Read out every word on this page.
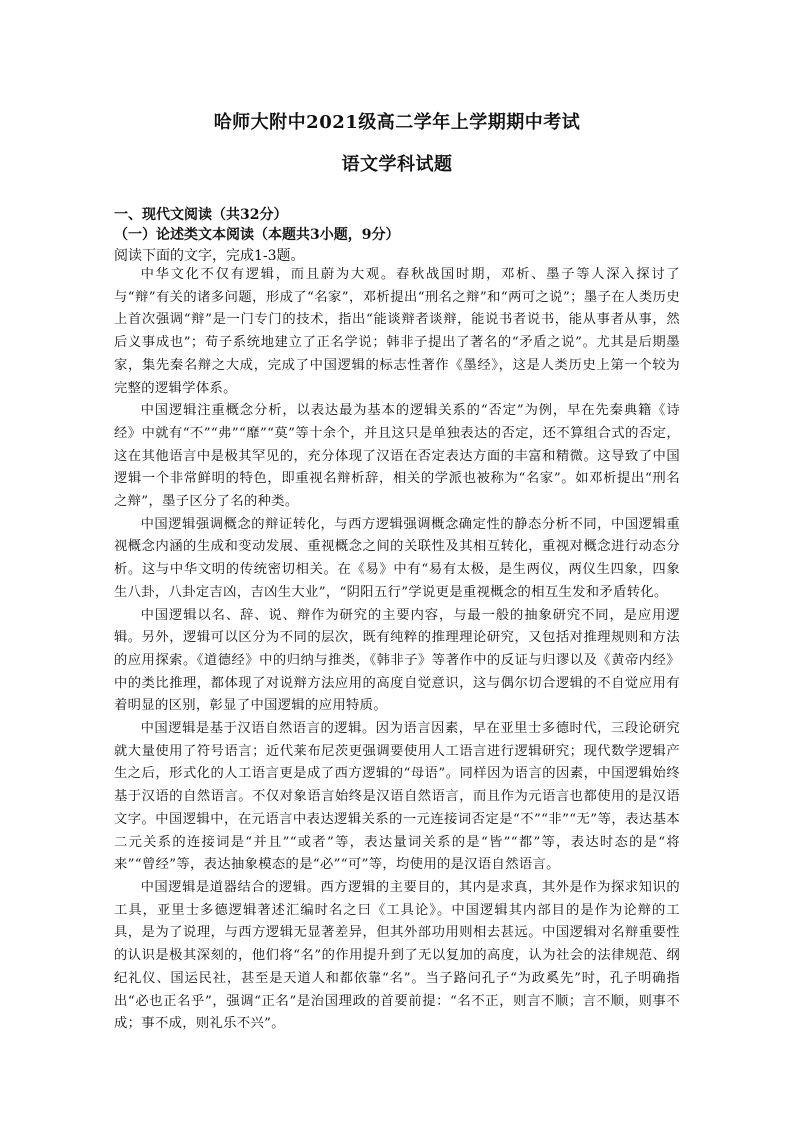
哈师大附中2021级高二学年上学期期中考试
语文学科试题
一、现代文阅读（共32分）
（一）论述类文本阅读（本题共3小题，9分）
阅读下面的文字，完成1-3题。

中华文化不仅有逻辑，而且蔚为大观。春秋战国时期，邓析、墨子等人深入探讨了与“辩”有关的诸多问题，形成了“名家”，邓析提出“刑名之辩”和“两可之说”；墨子在人类历史上首次强调“辩”是一门专门的技术，指出“能谈辩者谈辩，能说书者说书，能从事者从事，然后义事成也”；荀子系统地建立了正名学说；韩非子提出了著名的“矛盾之说”。尤其是后期墨家，集先秦名辩之大成，完成了中国逻辑的标志性著作《墨经》，这是人类历史上第一个较为完整的逻辑学体系。

中国逻辑注重概念分析，以表达最为基本的逻辑关系的“否定”为例，早在先秦典籍《诗经》中就有“不”“弗”“靡”“莫”等十余个，并且这只是单独表达的否定，还不算组合式的否定，这在其他语言中是极其罕见的，充分体现了汉语在否定表达方面的丰富和精微。这导致了中国逻辑一个非常鲜明的特色，即重视名辩析辞，相关的学派也被称为“名家”。如邓析提出“刑名之辩”，墨子区分了名的种类。

中国逻辑强调概念的辩证转化，与西方逻辑强调概念确定性的静态分析不同，中国逻辑重视概念内涵的生成和变动发展、重视概念之间的关联性及其相互转化，重视对概念进行动态分析。这与中华文明的传统密切相关。在《易》中有“易有太极，是生两仪，两仪生四象，四象生八卦，八卦定吉凶，吉凶生大业”，“阴阳五行”学说更是重视概念的相互生发和矛盾转化。

中国逻辑以名、辞、说、辩作为研究的主要内容，与最一般的抽象研究不同，是应用逻辑。另外，逻辑可以区分为不同的层次，既有纯粹的推理理论研究，又包括对推理规则和方法的应用探索。《道德经》中的归纳与推类，《韩非子》等著作中的反证与归谬以及《黄帝内经》中的类比推理，都体现了对说辩方法应用的高度自觉意识，这与偶尔切合逻辑的不自觉应用有着明显的区别，彰显了中国逻辑的应用特质。

中国逻辑是基于汉语自然语言的逻辑。因为语言因素，早在亚里士多德时代，三段论研究就大量使用了符号语言；近代莱布尼茨更强调要使用人工语言进行逻辑研究；现代数学逻辑产生之后，形式化的人工语言更是成了西方逻辑的“母语”。同样因为语言的因素，中国逻辑始终基于汉语的自然语言。不仅对象语言始终是汉语自然语言，而且作为元语言也都使用的是汉语文字。中国逻辑中，在元语言中表达逻辑关系的一元连接词否定是“不”“非”“无”等，表达基本二元关系的连接词是“并且”“或者”等，表达量词关系的是“皆”“都”等，表达时态的是“将来”“曾经”等，表达抽象模态的是“必”“可”等，均使用的是汉语自然语言。

中国逻辑是道器结合的逻辑。西方逻辑的主要目的，其内是求真，其外是作为探求知识的工具，亚里士多德逻辑著述汇编时名之曰《工具论》。中国逻辑其内部目的是作为论辩的工具，是为了说理，与西方逻辑无显著差异，但其外部功用则相去甚远。中国逻辑对名辩重要性的认识是极其深刻的，他们将“名”的作用提升到了无以复加的高度，认为社会的法律规范、纲纪礼仪、国运民社，甚至是天道人和都依靠“名”。当子路问孔子“为政奚先”时，孔子明确指出“必也正名乎”，强调“正名”是治国理政的首要前提：“名不正，则言不顺；言不顺，则事不成；事不成，则礼乐不兴”。
